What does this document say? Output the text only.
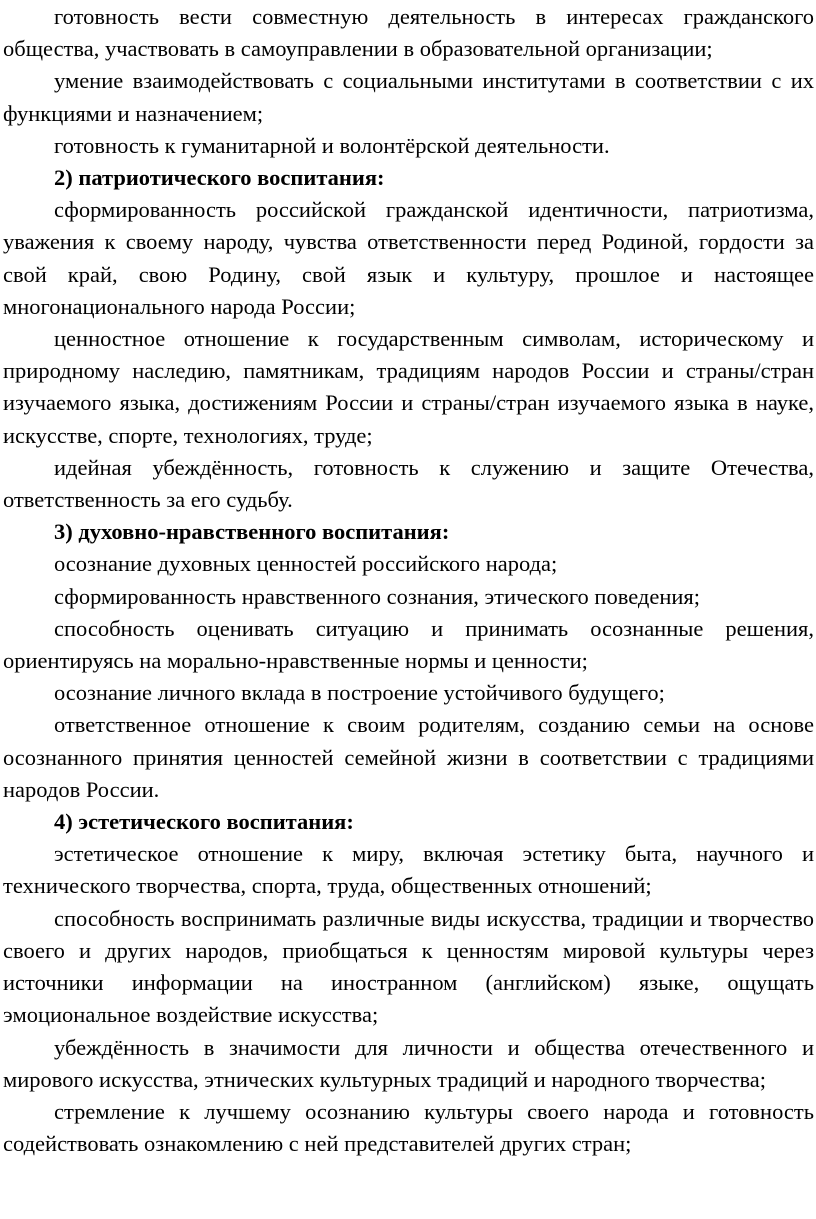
готовность вести совместную деятельность в интересах гражданского общества, участвовать в самоуправлении в образовательной организации;

умение взаимодействовать с социальными институтами в соответствии с их функциями и назначением;

готовность к гуманитарной и волонтёрской деятельности.

2) патриотического воспитания:

сформированность российской гражданской идентичности, патриотизма, уважения к своему народу, чувства ответственности перед Родиной, гордости за свой край, свою Родину, свой язык и культуру, прошлое и настоящее многонационального народа России;

ценностное отношение к государственным символам, историческому и природному наследию, памятникам, традициям народов России и страны/стран изучаемого языка, достижениям России и страны/стран изучаемого языка в науке, искусстве, спорте, технологиях, труде;

идейная убеждённость, готовность к служению и защите Отечества, ответственность за его судьбу.

3) духовно-нравственного воспитания:

осознание духовных ценностей российского народа;

сформированность нравственного сознания, этического поведения;

способность оценивать ситуацию и принимать осознанные решения, ориентируясь на морально-нравственные нормы и ценности;

осознание личного вклада в построение устойчивого будущего;

ответственное отношение к своим родителям, созданию семьи на основе осознанного принятия ценностей семейной жизни в соответствии с традициями народов России.

4) эстетического воспитания:

эстетическое отношение к миру, включая эстетику быта, научного и технического творчества, спорта, труда, общественных отношений;

способность воспринимать различные виды искусства, традиции и творчество своего и других народов, приобщаться к ценностям мировой культуры через источники информации на иностранном (английском) языке, ощущать эмоциональное воздействие искусства;

убеждённость в значимости для личности и общества отечественного и мирового искусства, этнических культурных традиций и народного творчества;

стремление к лучшему осознанию культуры своего народа и готовность содействовать ознакомлению с ней представителей других стран;
